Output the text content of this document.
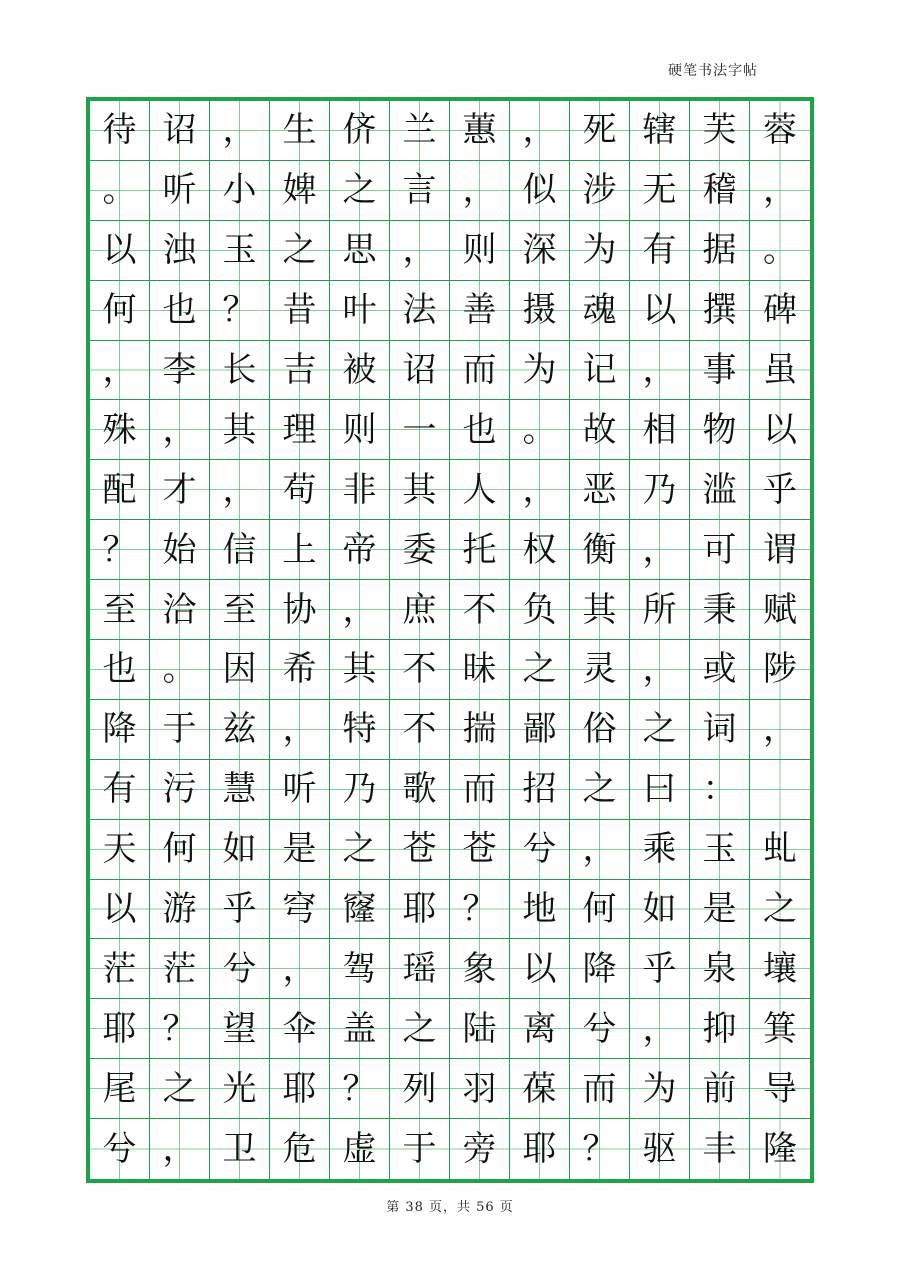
硬笔书法字帖
待 诏 ， 生 侪 兰 蕙 ， 死 辖 芙 蓉
。 听 小 婢 之 言 ， 似 涉 无 稽 ，
以 浊 玉 之 思 ， 则 深 为 有 据 。
何 也 ？ 昔 叶 法 善 摄 魂 以 撰 碑
， 李 长 吉 被 诏 而 为 记 ， 事 虽
殊 ， 其 理 则 一 也 。 故 相 物 以
配 才 ， 苟 非 其 人 ， 恶 乃 滥 乎
？ 始 信 上 帝 委 托 权 衡 ， 可 谓
至 洽 至 协 ， 庶 不 负 其 所 秉 赋
也 。 因 希 其 不 昧 之 灵 ， 或 陟
降 于 兹 ， 特 不 揣 鄙 俗 之 词 ，
有 污 慧 听 乃 歌 而 招 之 曰 ：
天 何 如 是 之 苍 苍 兮 ， 乘 玉 虬
以 游 乎 穹 窿 耶 ？ 地 何 如 是 之
茫 茫 兮 ， 驾 瑶 象 以 降 乎 泉 壤
耶 ？ 望 伞 盖 之 陆 离 兮 ， 抑 箕
尾 之 光 耶 ？ 列 羽 葆 而 为 前 导
兮 ， 卫 危 虚 于 旁 耶 ？ 驱 丰 隆
第 38 页，共 56 页
